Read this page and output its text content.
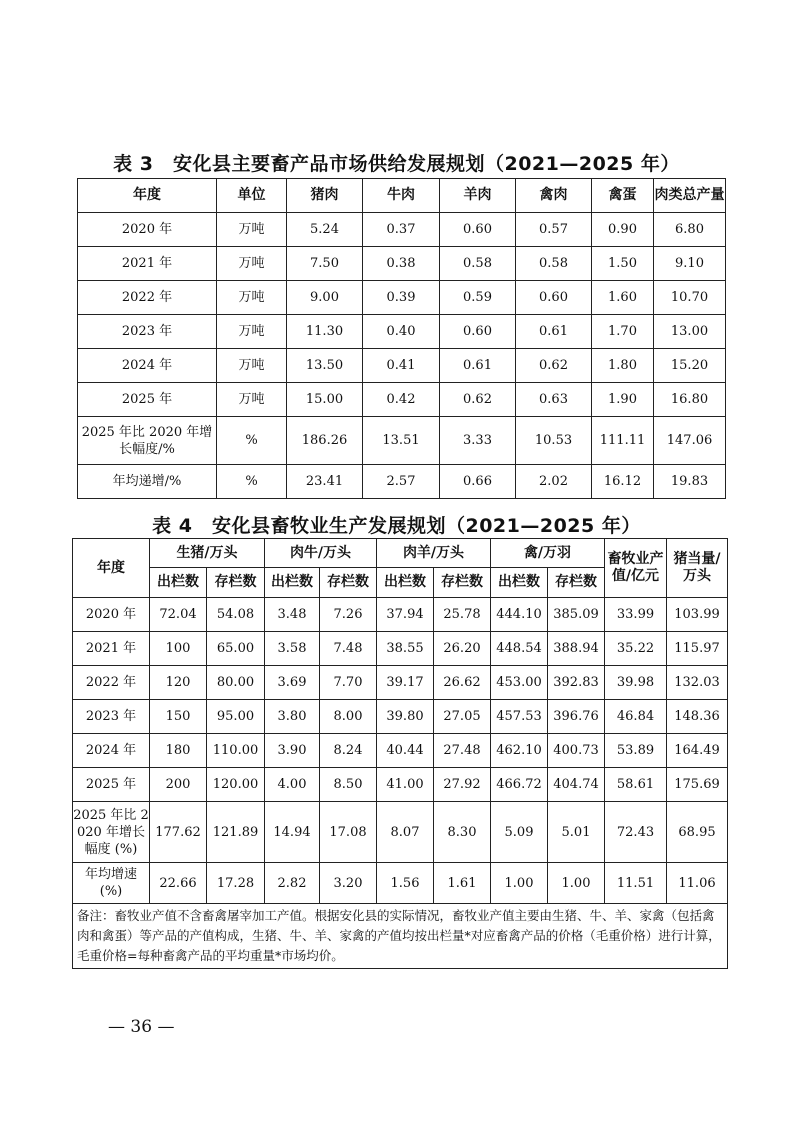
表 3　安化县主要畜产品市场供给发展规划（2021—2025 年）
年度	单位	猪肉	牛肉	羊肉	禽肉	禽蛋	肉类总产量
2020 年	万吨	5.24	0.37	0.60	0.57	0.90	6.80
2021 年	万吨	7.50	0.38	0.58	0.58	1.50	9.10
2022 年	万吨	9.00	0.39	0.59	0.60	1.60	10.70
2023 年	万吨	11.30	0.40	0.60	0.61	1.70	13.00
2024 年	万吨	13.50	0.41	0.61	0.62	1.80	15.20
2025 年	万吨	15.00	0.42	0.62	0.63	1.90	16.80
2025 年比 2020 年增长幅度/%	%	186.26	13.51	3.33	10.53	111.11	147.06
年均递增/%	%	23.41	2.57	0.66	2.02	16.12	19.83
表 4　安化县畜牧业生产发展规划（2021—2025 年）
年度	生猪/万头		肉牛/万头		肉羊/万头		禽/万羽		畜牧业产值/亿元	猪当量/万头
	出栏数	存栏数	出栏数	存栏数	出栏数	存栏数	出栏数	存栏数		
2020 年	72.04	54.08	3.48	7.26	37.94	25.78	444.10	385.09	33.99	103.99
2021 年	100	65.00	3.58	7.48	38.55	26.20	448.54	388.94	35.22	115.97
2022 年	120	80.00	3.69	7.70	39.17	26.62	453.00	392.83	39.98	132.03
2023 年	150	95.00	3.80	8.00	39.80	27.05	457.53	396.76	46.84	148.36
2024 年	180	110.00	3.90	8.24	40.44	27.48	462.10	400.73	53.89	164.49
2025 年	200	120.00	4.00	8.50	41.00	27.92	466.72	404.74	58.61	175.69
2025 年比 2020 年增长幅度 (%)	177.62	121.89	14.94	17.08	8.07	8.30	5.09	5.01	72.43	68.95
年均增速 (%)	22.66	17.28	2.82	3.20	1.56	1.61	1.00	1.00	11.51	11.06
备注：畜牧业产值不含畜禽屠宰加工产值。根据安化县的实际情况，畜牧业产值主要由生猪、牛、羊、家禽（包括禽肉和禽蛋）等产品的产值构成，生猪、牛、羊、家禽的产值均按出栏量*对应畜禽产品的价格（毛重价格）进行计算，毛重价格=每种畜禽产品的平均重量*市场均价。										
— 36 —
